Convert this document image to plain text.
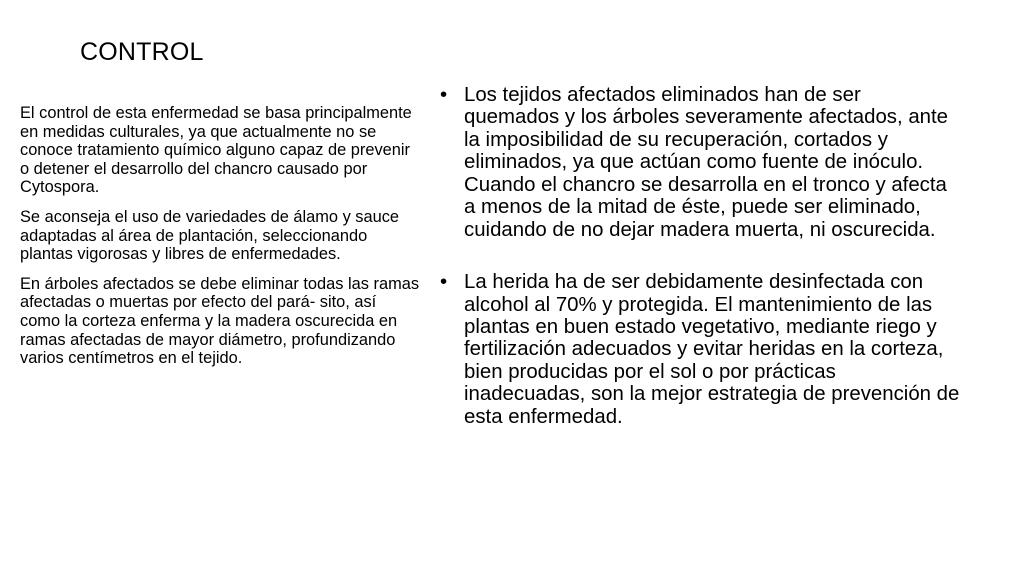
CONTROL

El control de esta enfermedad se basa principalmente en medidas culturales, ya que actualmente no se conoce tratamiento químico alguno capaz de prevenir o detener el desarrollo del chancro causado por Cytospora.

Se aconseja el uso de variedades de álamo y sauce adaptadas al área de plantación, seleccionando plantas vigorosas y libres de enfermedades.

En árboles afectados se debe eliminar todas las ramas afectadas o muertas por efecto del pará- sito, así como la corteza enferma y la madera oscurecida en ramas afectadas de mayor diámetro, profundizando varios centímetros en el tejido.

• Los tejidos afectados eliminados han de ser quemados y los árboles severamente afectados, ante la imposibilidad de su recuperación, cortados y eliminados, ya que actúan como fuente de inóculo. Cuando el chancro se desarrolla en el tronco y afecta a menos de la mitad de éste, puede ser eliminado, cuidando de no dejar madera muerta, ni oscurecida.
• La herida ha de ser debidamente desinfectada con alcohol al 70% y protegida. El mantenimiento de las plantas en buen estado vegetativo, mediante riego y fertilización adecuados y evitar heridas en la corteza, bien producidas por el sol o por prácticas inadecuadas, son la mejor estrategia de prevención de esta enfermedad.
